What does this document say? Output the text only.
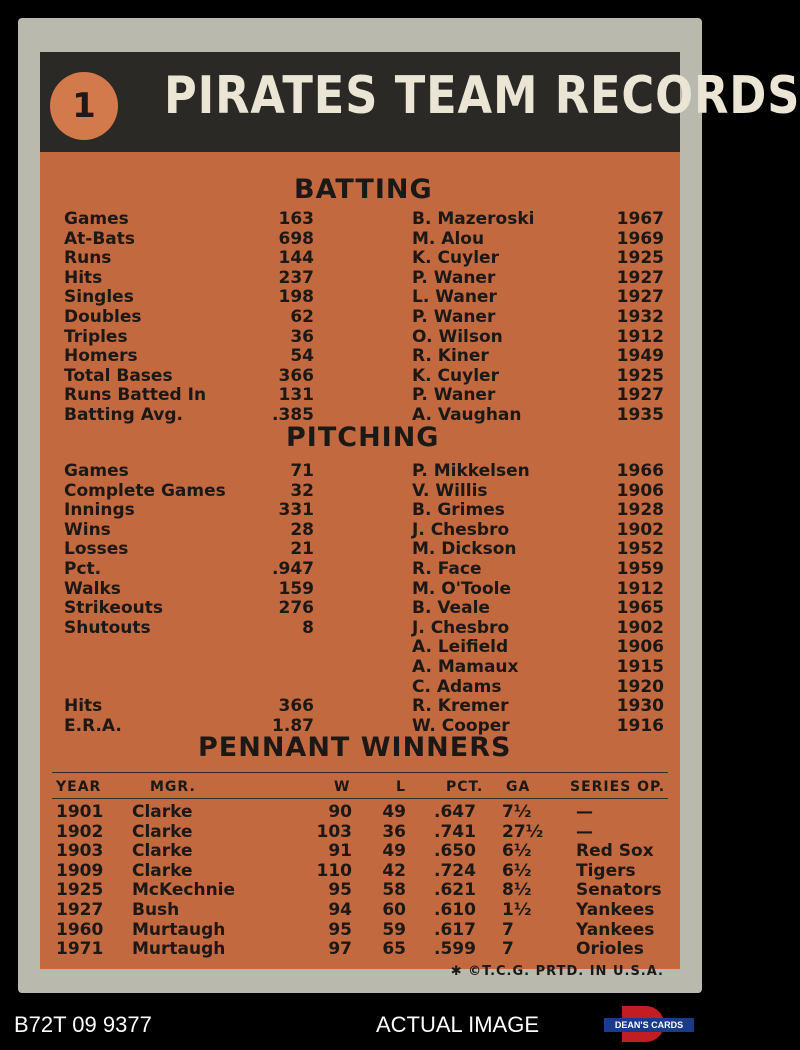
1	PIRATES TEAM RECORDS
BATTING
Games	163	B. Mazeroski	1967
At-Bats	698	M. Alou	1969
Runs	144	K. Cuyler	1925
Hits	237	P. Waner	1927
Singles	198	L. Waner	1927
Doubles	62	P. Waner	1932
Triples	36	O. Wilson	1912
Homers	54	R. Kiner	1949
Total Bases	366	K. Cuyler	1925
Runs Batted In	131	P. Waner	1927
Batting Avg.	.385	A. Vaughan	1935
PITCHING
Games	71	P. Mikkelsen	1966
Complete Games	32	V. Willis	1906
Innings	331	B. Grimes	1928
Wins	28	J. Chesbro	1902
Losses	21	M. Dickson	1952
Pct.	.947	R. Face	1959
Walks	159	M. O'Toole	1912
Strikeouts	276	B. Veale	1965
Shutouts	8	J. Chesbro	1902
A. Leifield	1906
A. Mamaux	1915
C. Adams	1920
Hits	366	R. Kremer	1930
E.R.A.	1.87	W. Cooper	1916
PENNANT WINNERS
YEAR	MGR.	W	L	PCT. GA	SERIES OP.
1901 Clarke	90 49 .647 7½	—
1902 Clarke	103 36 .741 27½ —
1903 Clarke	91 49 .650 6½	Red Sox
1909 Clarke	110 42 .724 6½	Tigers
1925 McKechnie	95 58 .621 8½	Senators
1927 Bush	94 60 .610 1½	Yankees
1960 Murtaugh	95 59 .617 7	Yankees
1971 Murtaugh	97 65 .599 7	Orioles
✱ ©T.C.G. PRTD. IN U.S.A.
B72T 09 9377	ACTUAL IMAGE	DEAN'S CARDS
